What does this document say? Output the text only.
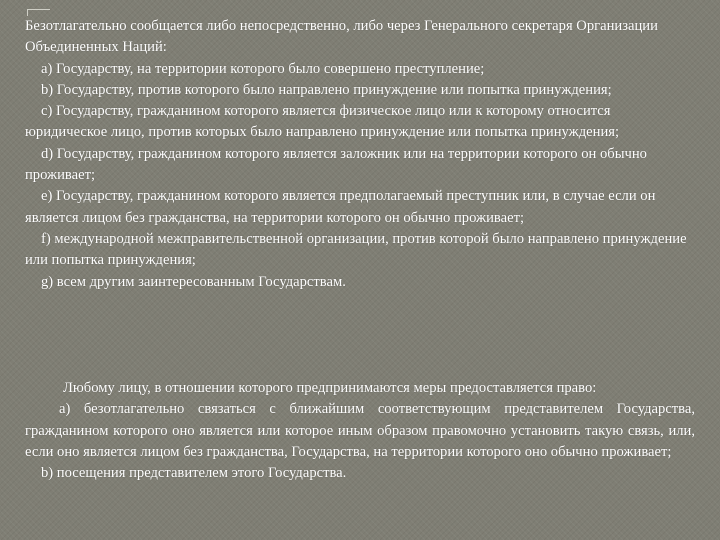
Безотлагательно сообщается либо непосредственно, либо через Генерального секретаря Организации Объединенных Наций:

a) Государству, на территории которого было совершено преступление;

b) Государству, против которого было направлено принуждение или попытка принуждения;

c) Государству, гражданином которого является физическое лицо или к которому относится юридическое лицо, против которых было направлено принуждение или попытка принуждения;

d) Государству, гражданином которого является заложник или на территории которого он обычно проживает;

e) Государству, гражданином которого является предполагаемый преступник или, в случае если он является лицом без гражданства, на территории которого он обычно проживает;

f) международной межправительственной организации, против которой было направлено принуждение или попытка принуждения;

g) всем другим заинтересованным Государствам.

Любому лицу, в отношении которого предпринимаются меры предоставляется право:

а) безотлагательно связаться с ближайшим соответствующим представителем Государства, гражданином которого оно является или которое иным образом правомочно установить такую связь, или, если оно является лицом без гражданства, Государства, на территории которого оно обычно проживает;

b) посещения представителем этого Государства.
